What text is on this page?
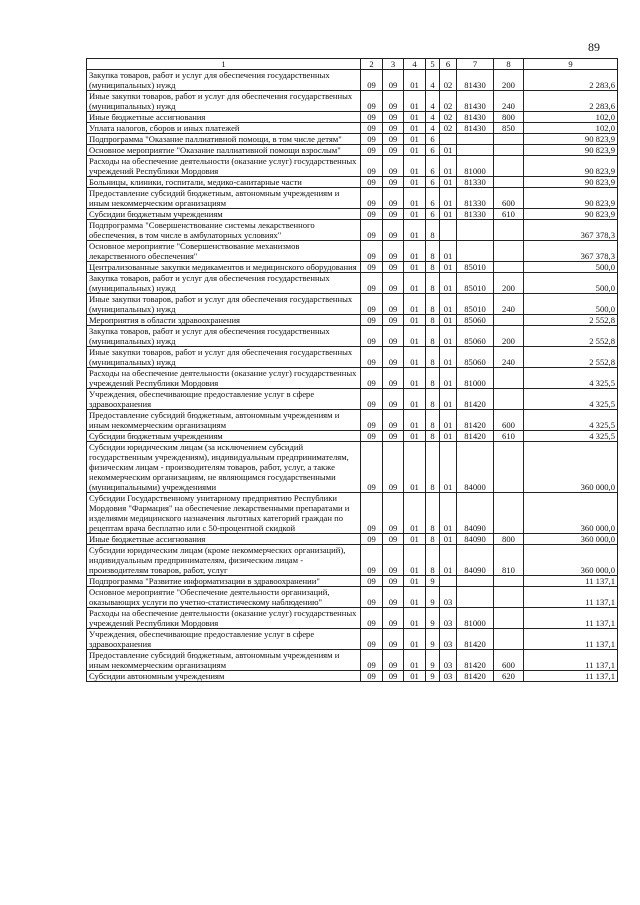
89
1	2	3	4	5	6	7	8	9
Закупка товаров, работ и услуг для обеспечения государственных (муниципальных) нужд	09	09	01	4	02	81430	200	2 283,6
Иные закупки товаров, работ и услуг для обеспечения государственных (муниципальных) нужд	09	09	01	4	02	81430	240	2 283,6
Иные бюджетные ассигнования	09	09	01	4	02	81430	800	102,0
Уплата налогов, сборов и иных платежей	09	09	01	4	02	81430	850	102,0
Подпрограмма "Оказание паллиативной помощи, в том числе детям"	09	09	01	6				90 823,9
Основное мероприятие "Оказание паллиативной помощи взрослым"	09	09	01	6	01			90 823,9
Расходы на обеспечение деятельности (оказание услуг) государственных учреждений Республики Мордовия	09	09	01	6	01	81000		90 823,9
Больницы, клиники, госпитали, медико-санитарные части	09	09	01	6	01	81330		90 823,9
Предоставление субсидий бюджетным, автономным учреждениям и иным некоммерческим организациям	09	09	01	6	01	81330	600	90 823,9
Субсидии бюджетным учреждениям	09	09	01	6	01	81330	610	90 823,9
Подпрограмма "Совершенствование системы лекарственного обеспечения, в том числе в амбулаторных условиях"	09	09	01	8				367 378,3
Основное мероприятие "Совершенствование механизмов лекарственного обеспечения"	09	09	01	8	01			367 378,3
Централизованные закупки медикаментов и медицинского оборудования	09	09	01	8	01	85010		500,0
Закупка товаров, работ и услуг для обеспечения государственных (муниципальных) нужд	09	09	01	8	01	85010	200	500,0
Иные закупки товаров, работ и услуг для обеспечения государственных (муниципальных) нужд	09	09	01	8	01	85010	240	500,0
Мероприятия в области здравоохранения	09	09	01	8	01	85060		2 552,8
Закупка товаров, работ и услуг для обеспечения государственных (муниципальных) нужд	09	09	01	8	01	85060	200	2 552,8
Иные закупки товаров, работ и услуг для обеспечения государственных (муниципальных) нужд	09	09	01	8	01	85060	240	2 552,8
Расходы на обеспечение деятельности (оказание услуг) государственных учреждений Республики Мордовия	09	09	01	8	01	81000		4 325,5
Учреждения, обеспечивающие предоставление услуг в сфере здравоохранения	09	09	01	8	01	81420		4 325,5
Предоставление субсидий бюджетным, автономным учреждениям и иным некоммерческим организациям	09	09	01	8	01	81420	600	4 325,5
Субсидии бюджетным учреждениям	09	09	01	8	01	81420	610	4 325,5
Субсидии юридическим лицам (за исключением субсидий государственным учреждениям), индивидуальным предпринимателям, физическим лицам - производителям товаров, работ, услуг, а также некоммерческим организациям, не являющимся государственными (муниципальными) учреждениями	09	09	01	8	01	84000		360 000,0
Субсидии Государственному унитарному предприятию Республики Мордовия "Фармация" на обеспечение лекарственными препаратами и изделиями медицинского назначения льготных категорий граждан по рецептам врача бесплатно или с 50-процентной скидкой	09	09	01	8	01	84090		360 000,0
Иные бюджетные ассигнования	09	09	01	8	01	84090	800	360 000,0
Субсидии юридическим лицам (кроме некоммерческих организаций), индивидуальным предпринимателям, физическим лицам - производителям товаров, работ, услуг	09	09	01	8	01	84090	810	360 000,0
Подпрограмма "Развитие информатизации в здравоохранении"	09	09	01	9				11 137,1
Основное мероприятие "Обеспечение деятельности организаций, оказывающих услуги по учетно-статистическому наблюдению"	09	09	01	9	03			11 137,1
Расходы на обеспечение деятельности (оказание услуг) государственных учреждений Республики Мордовия	09	09	01	9	03	81000		11 137,1
Учреждения, обеспечивающие предоставление услуг в сфере здравоохранения	09	09	01	9	03	81420		11 137,1
Предоставление субсидий бюджетным, автономным учреждениям и иным некоммерческим организациям	09	09	01	9	03	81420	600	11 137,1
Субсидии автономным учреждениям	09	09	01	9	03	81420	620	11 137,1
